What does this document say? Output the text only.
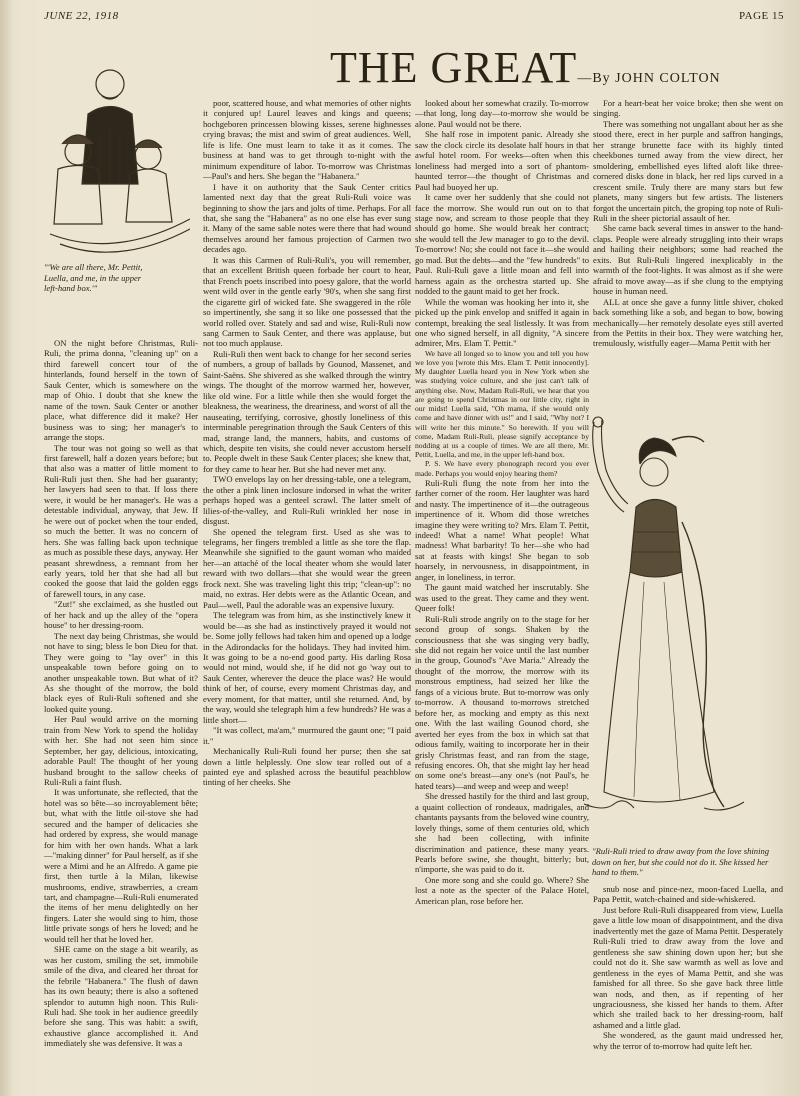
JUNE 22, 1918	PAGE 15
THE GREAT—By JOHN COLTON
"'We are all there, Mr. Pettit, Luella, and me, in the upper left-hand box.'"
"Ruli-Ruli tried to draw away from the love shining down on her, but she could not do it. She kissed her hand to them."

ON the night before Christmas, Ruli-Ruli, the prima donna, "cleaning up" on a third farewell concert tour of the hinterlands, found herself in the town of Sauk Center, which is somewhere on the map of Ohio. I doubt that she knew the name of the town. Sauk Center or another place, what difference did it make? Her business was to sing; her manager's to arrange the stops.

The tour was not going so well as that first farewell, half a dozen years before; but that also was a matter of little moment to Ruli-Ruli just then. She had her guaranty; her lawyers had seen to that. If loss there were, it would be her manager's. He was a detestable individual, anyway, that Jew. If he were out of pocket when the tour ended, so much the better. It was no concern of hers. She was falling back upon technique as much as possible these days, anyway. Her peasant shrewdness, a remnant from her early years, told her that she had all but cooked the goose that laid the golden eggs of farewell tours, in any case.

"Zut!" she exclaimed, as she hustled out of her hack and up the alley of the "opera house" to her dressing-room.

The next day being Christmas, she would not have to sing; bless le bon Dieu for that. They were going to "lay over" in this unspeakable town before going on to another unspeakable town. But what of it? As she thought of the morrow, the bold black eyes of Ruli-Ruli softened and she looked quite young.

Her Paul would arrive on the morning train from New York to spend the holiday with her. She had not seen him since September, her gay, delicious, intoxicating, adorable Paul! The thought of her young husband brought to the sallow cheeks of Ruli-Ruli a faint flush.

It was unfortunate, she reflected, that the hotel was so bête—so incroyablement bête; but, what with the little oil-stove she had secured and the hamper of delicacies she had ordered by express, she would manage for him with her own hands. What a lark—"making dinner" for Paul herself, as if she were a Mimi and he an Alfredo. A game pie first, then turtle à la Milan, likewise mushrooms, endive, strawberries, a cream tart, and champagne—Ruli-Ruli enumerated the items of her menu delightedly on her fingers. Later she would sing to him, those little private songs of hers he loved; and he would tell her that he loved her.

SHE came on the stage a bit wearily, as was her custom, smiling the set, immobile smile of the diva, and cleared her throat for the febrile "Habanera." The flush of dawn has its own beauty; there is also a softened splendor to autumn high noon. This Ruli-Ruli had. She took in her audience greedily before she sang. This was habit: a swift, exhaustive glance accomplished it. And immediately she was defensive. It was a

poor, scattered house, and what memories of other nights it conjured up! Laurel leaves and kings and queens; hochgeboren princessen blowing kisses, serene highnesses crying bravas; the mist and swim of great audiences. Well, life is life. One must learn to take it as it comes. The business at hand was to get through to-night with the minimum expenditure of labor. To-morrow was Christmas—Paul's and hers. She began the "Habanera."

I have it on authority that the Sauk Center critics lamented next day that the great Ruli-Ruli voice was beginning to show the jars and jolts of time. Perhaps. For all that, she sang the "Habanera" as no one else has ever sung it. Many of the same sable notes were there that had wound themselves around her famous projection of Carmen two decades ago.

It was this Carmen of Ruli-Ruli's, you will remember, that an excellent British queen forbade her court to hear, that French poets inscribed into poesy galore, that the world went wild over in the gentle early '90's, when she sang first the cigarette girl of wicked fate. She swaggered in the rôle so impertinently, she sang it so like one possessed that the world rolled over. Stately and sad and wise, Ruli-Ruli now sang Carmen to Sauk Center, and there was applause, but not too much applause.

Ruli-Ruli then went back to change for her second series of numbers, a group of ballads by Gounod, Massenet, and Saint-Saëns. She shivered as she walked through the wintry wings. The thought of the morrow warmed her, however, like old wine. For a little while then she would forget the bleakness, the weariness, the dreariness, and worst of all the nauseating, terrifying, corrosive, ghostly loneliness of this interminable peregrination through the Sauk Centers of this mad, strange land, the manners, habits, and customs of which, despite ten visits, she could never accustom herself to. People dwelt in these Sauk Center places; she knew that, for they came to hear her. But she had never met any.

TWO envelops lay on her dressing-table, one a telegram, the other a pink linen inclosure indorsed in what the writer perhaps hoped was a genteel scrawl. The latter smelt of lilies-of-the-valley, and Ruli-Ruli wrinkled her nose in disgust.

She opened the telegram first. Used as she was to telegrams, her fingers trembled a little as she tore the flap. Meanwhile she signified to the gaunt woman who maided her—an attaché of the local theater whom she would later reward with two dollars—that she would wear the green frock next. She was traveling light this trip; "clean-up": no maid, no extras. Her debts were as the Atlantic Ocean, and Paul—well, Paul the adorable was an expensive luxury.

The telegram was from him, as she instinctively knew it would be—as she had as instinctively prayed it would not be. Some jolly fellows had taken him and opened up a lodge in the Adirondacks for the holidays. They had invited him. It was going to be a no-end good party. His darling Rosa would not mind, would she, if he did not go 'way out to Sauk Center, wherever the deuce the place was? He would think of her, of course, every moment Christmas day, and every moment, for that matter, until she returned. And, by the way, would she telegraph him a few hundreds? He was a little short—

"It was collect, ma'am," murmured the gaunt one; "I paid it."

Mechanically Ruli-Ruli found her purse; then she sat down a little helplessly. One slow tear rolled out of a painted eye and splashed across the beautiful peachblow tinting of her cheeks. She

looked about her somewhat crazily. To-morrow—that long, long day—to-morrow she would be alone. Paul would not be there.

She half rose in impotent panic. Already she saw the clock circle its desolate half hours in that awful hotel room. For weeks—often when this loneliness had merged into a sort of phantom-haunted terror—the thought of Christmas and Paul had buoyed her up.

It came over her suddenly that she could not face the morrow. She would run out on to that stage now, and scream to those people that they should go home. She would break her contract; she would tell the Jew manager to go to the devil. To-morrow! No; she could not face it—she would go mad. But the debts—and the "few hundreds" to Paul. Ruli-Ruli gave a little moan and fell into harness again as the orchestra started up. She nodded to the gaunt maid to get her frock.

While the woman was hooking her into it, she picked up the pink envelop and sniffed it again in contempt, breaking the seal listlessly. It was from one who signed herself, in all dignity, "A sincere admirer, Mrs. Elam T. Pettit."

We have all longed so to know you and tell you how we love you [wrote this Mrs. Elam T. Pettit innocently]. My daughter Luella heard you in New York when she was studying voice culture, and she just can't talk of anything else. Now, Madam Ruli-Ruli, we hear that you are going to spend Christmas in our little city, right in our midst! Luella said, "Oh mama, if she would only come and have dinner with us!" and I said, "Why not? I will write her this minute." So herewith. If you will come, Madam Ruli-Ruli, please signify acceptance by nodding at us a couple of times. We are all there, Mr. Pettit, Luella, and me, in the upper left-hand box.

P. S. We have every phonograph record you ever made. Perhaps you would enjoy hearing them?

Ruli-Ruli flung the note from her into the farther corner of the room. Her laughter was hard and nasty. The impertinence of it—the outrageous impertinence of it. Whom did those wretches imagine they were writing to? Mrs. Elam T. Pettit, indeed! What a name! What people! What madness! What barbarity! To her—she who had sat at feasts with kings! She began to sob hoarsely, in nervousness, in disappointment, in anger, in loneliness, in terror.

The gaunt maid watched her inscrutably. She was used to the great. They came and they went. Queer folk!

Ruli-Ruli strode angrily on to the stage for her second group of songs. Shaken by the consciousness that she was singing very badly, she did not regain her voice until the last number in the group, Gounod's "Ave Maria." Already the thought of the morrow, the morrow with its monstrous emptiness, had seized her like the fangs of a vicious brute. But to-morrow was only to-morrow. A thousand to-morrows stretched before her, as mocking and empty as this next one. With the last wailing Gounod chord, she averted her eyes from the box in which sat that odious family, waiting to incorporate her in their grisly Christmas feast, and ran from the stage, refusing encores. Oh, that she might lay her head on some one's breast—any one's (not Paul's, he hated tears)—and weep and weep and weep!

She dressed hastily for the third and last group, a quaint collection of rondeaux, madrigales, and chantants paysants from the beloved wine country, lovely things, some of them centuries old, which she had been collecting, with infinite discrimination and patience, these many years. Pearls before swine, she thought, bitterly; but, n'importe, she was paid to do it.

One more song and she could go. Where? She lost a note as the specter of the Palace Hotel, American plan, rose before her.

For a heart-beat her voice broke; then she went on singing.

There was something not ungallant about her as she stood there, erect in her purple and saffron hangings, her strange brunette face with its highly tinted cheekbones turned away from the view direct, her smoldering, embellished eyes lifted aloft like three-cornered disks done in black, her red lips curved in a crescent smile. Truly there are many stars but few planets, many singers but few artists. The listeners forgot the uncertain pitch, the groping top note of Ruli-Ruli in the sheer pictorial assault of her.

She came back several times in answer to the hand-claps. People were already struggling into their wraps and hailing their neighbors; some had reached the exits. But Ruli-Ruli lingered inexplicably in the warmth of the foot-lights. It was almost as if she were afraid to move away—as if she clung to the emptying house in human need.

ALL at once she gave a funny little shiver, choked back something like a sob, and began to bow, bowing mechanically—her remotely desolate eyes still averted from the Pettits in their box. They were watching her, tremulously, wistfully eager—Mama Pettit with her

snub nose and pince-nez, moon-faced Luella, and Papa Pettit, watch-chained and side-whiskered.

Just before Ruli-Ruli disappeared from view, Luella gave a little low moan of disappointment, and the diva inadvertently met the gaze of Mama Pettit. Desperately Ruli-Ruli tried to draw away from the love and gentleness she saw shining down upon her; but she could not do it. She saw warmth as well as love and gentleness in the eyes of Mama Pettit, and she was famished for all three. So she gave back three little wan nods, and then, as if repenting of her ungraciousness, she kissed her hands to them. After which she trailed back to her dressing-room, half ashamed and a little glad.

She wondered, as the gaunt maid undressed her, why the terror of to-morrow had quite left her.
